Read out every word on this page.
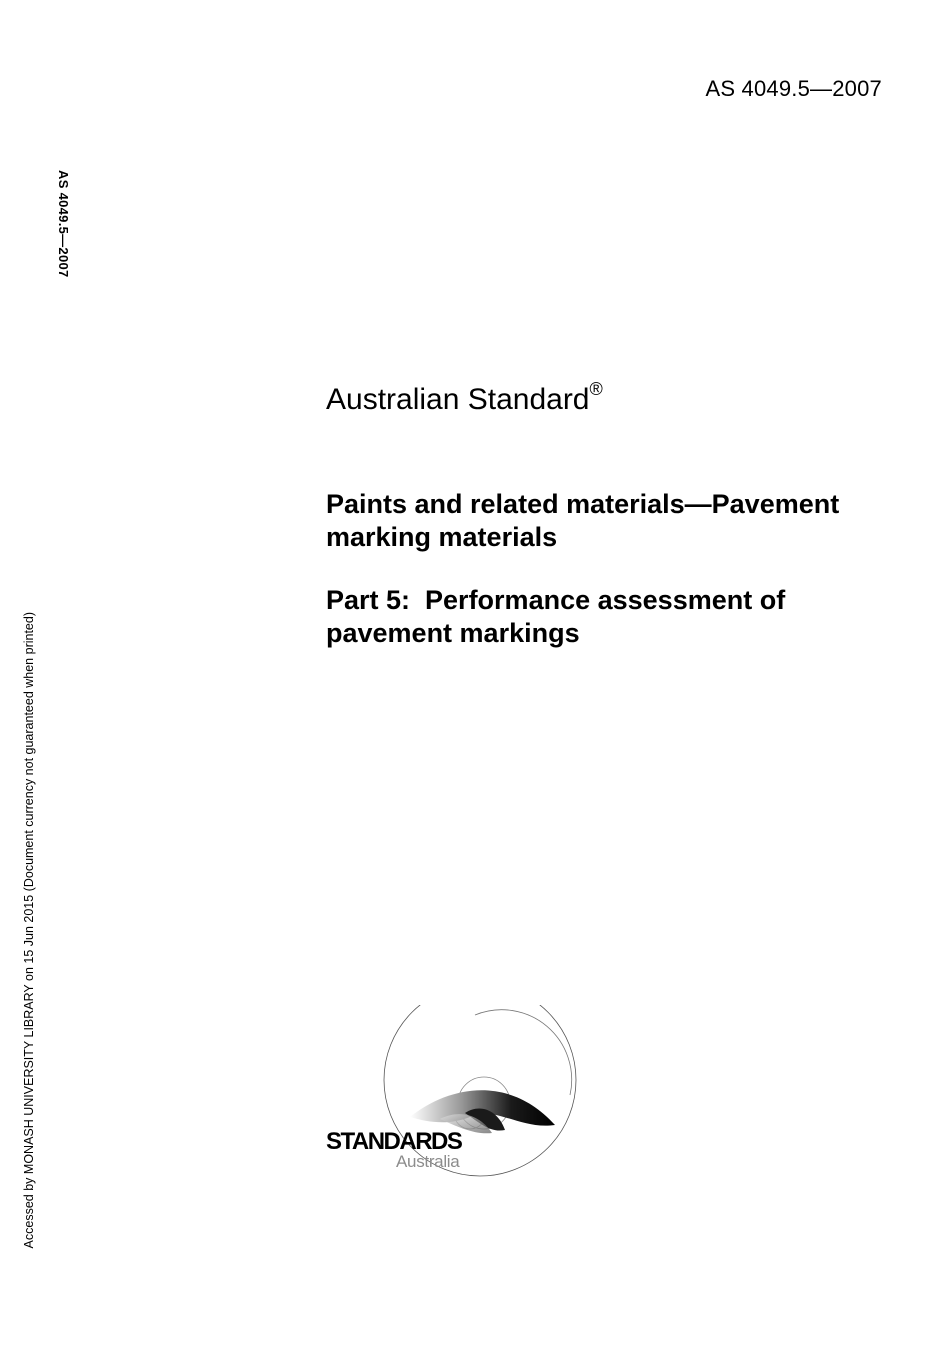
AS 4049.5—2007
AS 4049.5—2007
Accessed by MONASH UNIVERSITY LIBRARY on 15 Jun 2015 (Document currency not guaranteed when printed)
Australian Standard®
Paints and related materials—Pavement marking materials
Part 5:  Performance assessment of pavement markings
STANDARDS
Australia
